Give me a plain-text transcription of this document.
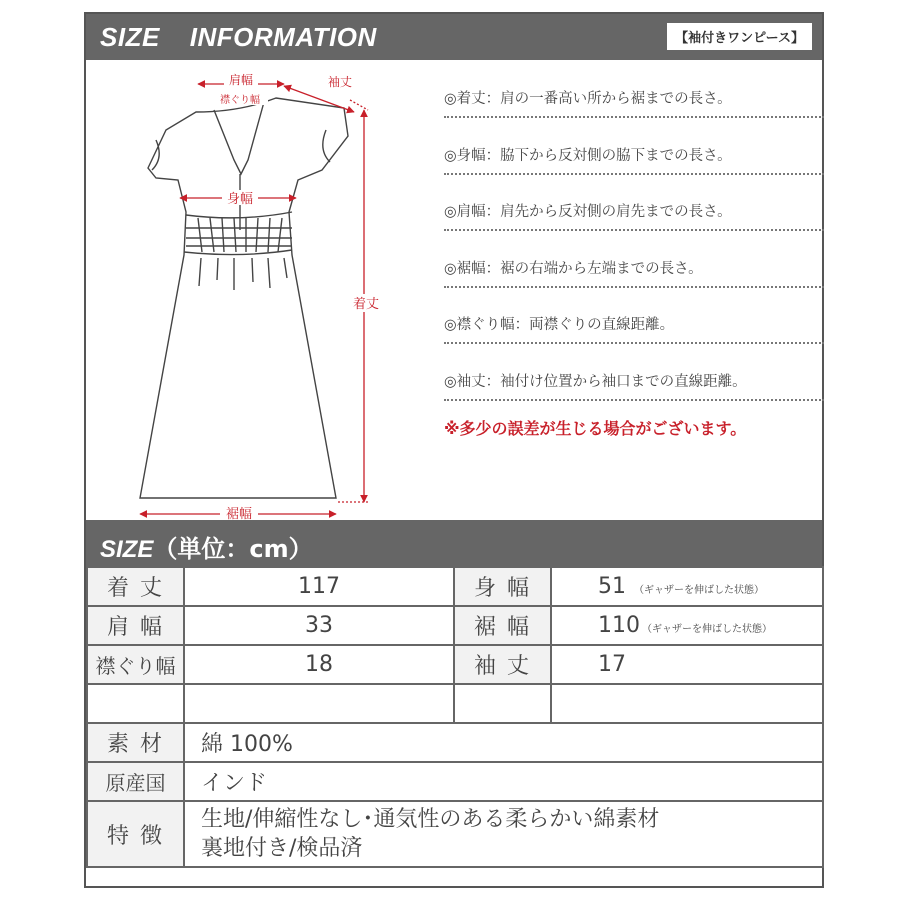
SIZE INFORMATION	【袖付きワンピース】
肩幅
襟ぐり幅
袖丈
身幅
着丈
裾幅
◎着丈：肩の一番高い所から裾までの長さ。
◎身幅：脇下から反対側の脇下までの長さ。
◎肩幅：肩先から反対側の肩先までの長さ。
◎裾幅：裾の右端から左端までの長さ。
◎襟ぐり幅：両襟ぐりの直線距離。
◎袖丈：袖付け位置から袖口までの直線距離。
※多少の誤差が生じる場合がございます。
SIZE（単位：cm）
着 丈	117	身 幅	51 （ギャザーを伸ばした状態）
肩 幅	33	裾 幅	110 （ギャザーを伸ばした状態）
襟ぐり幅	18	袖 丈	17

素 材	綿 100%		
原産国	インド		
特 徴	生地/伸縮性なし･通気性のある柔らかい綿素材
裏地付き/検品済		
